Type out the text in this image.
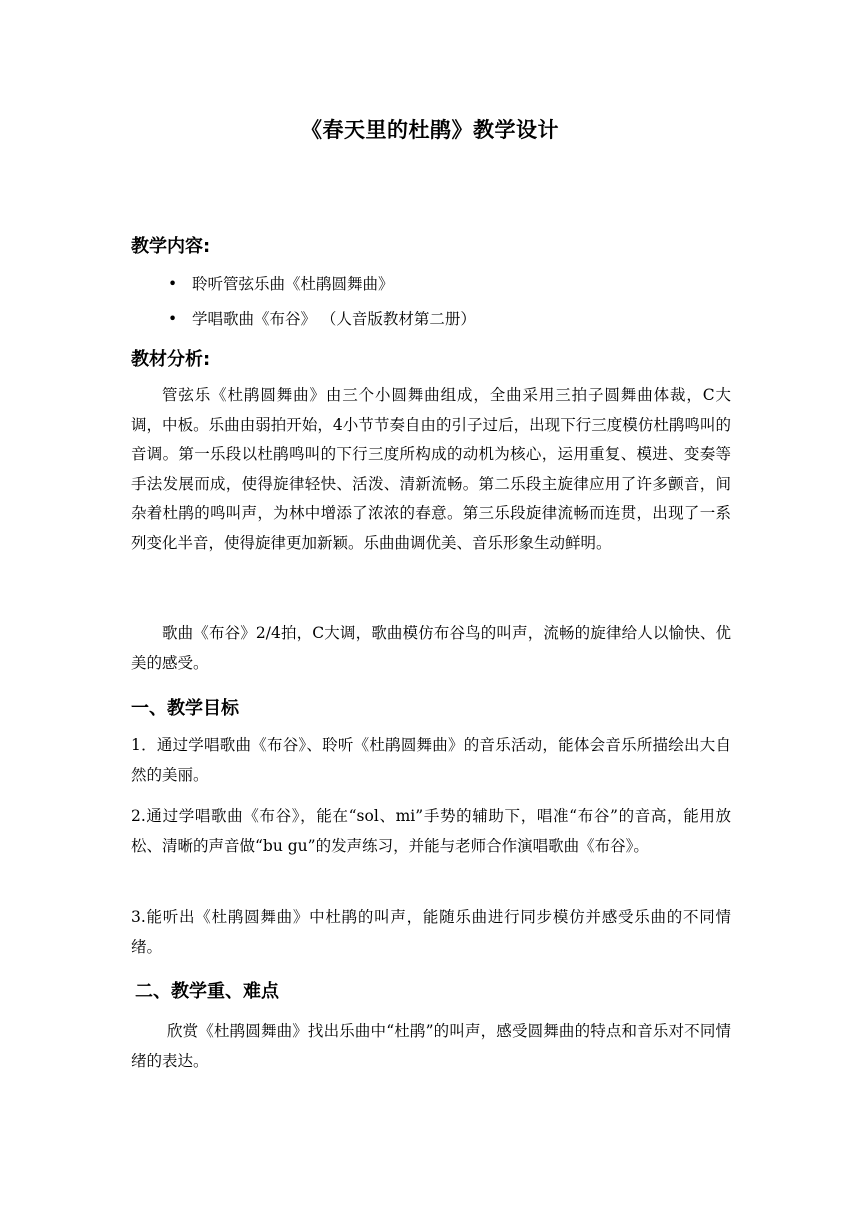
《春天里的杜鹃》教学设计
教学内容:
• 聆听管弦乐曲《杜鹃圆舞曲》
• 学唱歌曲《布谷》 （人音版教材第二册）
教材分析:
管弦乐《杜鹃圆舞曲》由三个小圆舞曲组成，全曲采用三拍子圆舞曲体裁，C大调，中板。乐曲由弱拍开始，4小节节奏自由的引子过后，出现下行三度模仿杜鹃鸣叫的音调。第一乐段以杜鹃鸣叫的下行三度所构成的动机为核心，运用重复、模进、变奏等手法发展而成，使得旋律轻快、活泼、清新流畅。第二乐段主旋律应用了许多颤音，间杂着杜鹃的鸣叫声，为林中增添了浓浓的春意。第三乐段旋律流畅而连贯，出现了一系列变化半音，使得旋律更加新颖。乐曲曲调优美、音乐形象生动鲜明。
歌曲《布谷》2/4拍，C大调，歌曲模仿布谷鸟的叫声，流畅的旋律给人以愉快、优美的感受。
一、教学目标
1．通过学唱歌曲《布谷》、聆听《杜鹃圆舞曲》的音乐活动，能体会音乐所描绘出大自然的美丽。
2.通过学唱歌曲《布谷》，能在“sol、mi”手势的辅助下，唱准“布谷”的音高，能用放松、清晰的声音做“bu gu”的发声练习，并能与老师合作演唱歌曲《布谷》。
3.能听出《杜鹃圆舞曲》中杜鹃的叫声，能随乐曲进行同步模仿并感受乐曲的不同情绪。
二、教学重、难点
欣赏《杜鹃圆舞曲》找出乐曲中“杜鹃”的叫声，感受圆舞曲的特点和音乐对不同情绪的表达。
